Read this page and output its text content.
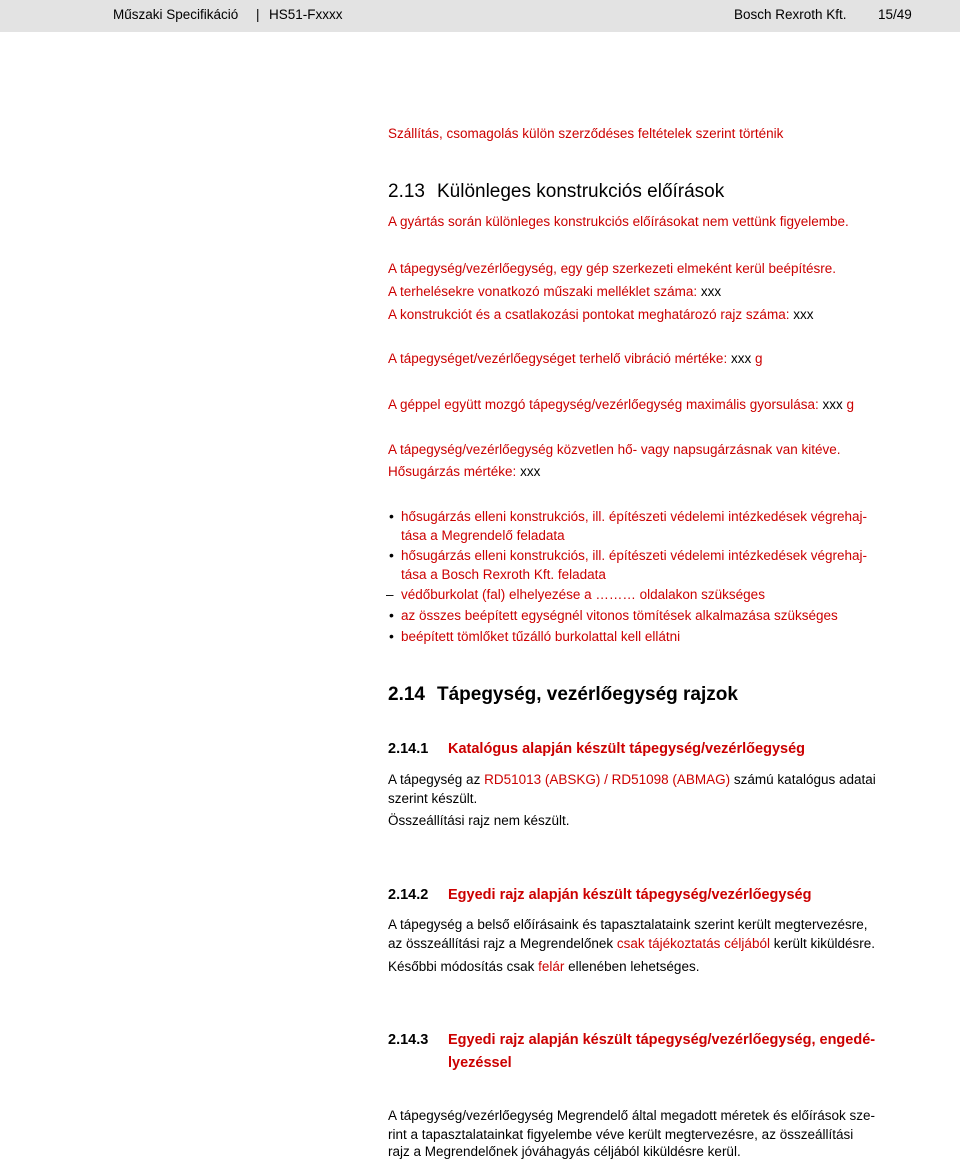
Műszaki Specifikáció | HS51-Fxxxx	Bosch Rexroth Kft. 15/49
Szállítás, csomagolás külön szerződéses feltételek szerint történik
2.13 Különleges konstrukciós előírások
A gyártás során különleges konstrukciós előírásokat nem vettünk figyelembe.
A tápegység/vezérlőegység, egy gép szerkezeti elmeként kerül beépítésre.
A terhelésekre vonatkozó műszaki melléklet száma: xxx
A konstrukciót és a csatlakozási pontokat meghatározó rajz száma: xxx
A tápegységet/vezérlőegységet terhelő vibráció mértéke: xxx g
A géppel együtt mozgó tápegység/vezérlőegység maximális gyorsulása: xxx g
A tápegység/vezérlőegység közvetlen hő- vagy napsugárzásnak van kitéve.
Hősugárzás mértéke: xxx
• hősugárzás elleni konstrukciós, ill. építészeti védelemi intézkedések végrehaj-
tása a Megrendelő feladata
• hősugárzás elleni konstrukciós, ill. építészeti védelemi intézkedések végrehaj-
tása a Bosch Rexroth Kft. feladata
– védőburkolat (fal) elhelyezése a ……… oldalakon szükséges
• az összes beépített egységnél vitonos tömítések alkalmazása szükséges
• beépített tömlőket tűzálló burkolattal kell ellátni
2.14 Tápegység, vezérlőegység rajzok
2.14.1 Katalógus alapján készült tápegység/vezérlőegység
A tápegység az RD51013 (ABSKG) / RD51098 (ABMAG) számú katalógus adatai
szerint készült.
Összeállítási rajz nem készült.
2.14.2 Egyedi rajz alapján készült tápegység/vezérlőegység
A tápegység a belső előírásaink és tapasztalataink szerint került megtervezésre,
az összeállítási rajz a Megrendelőnek csak tájékoztatás céljából került kiküldésre.
Későbbi módosítás csak felár ellenében lehetséges.
2.14.3 Egyedi rajz alapján készült tápegység/vezérlőegység, engedé-
lyezéssel
A tápegység/vezérlőegység Megrendelő által megadott méretek és előírások sze-
rint a tapasztalatainkat figyelembe véve került megtervezésre, az összeállítási
rajz a Megrendelőnek jóváhagyás céljából kiküldésre kerül.
